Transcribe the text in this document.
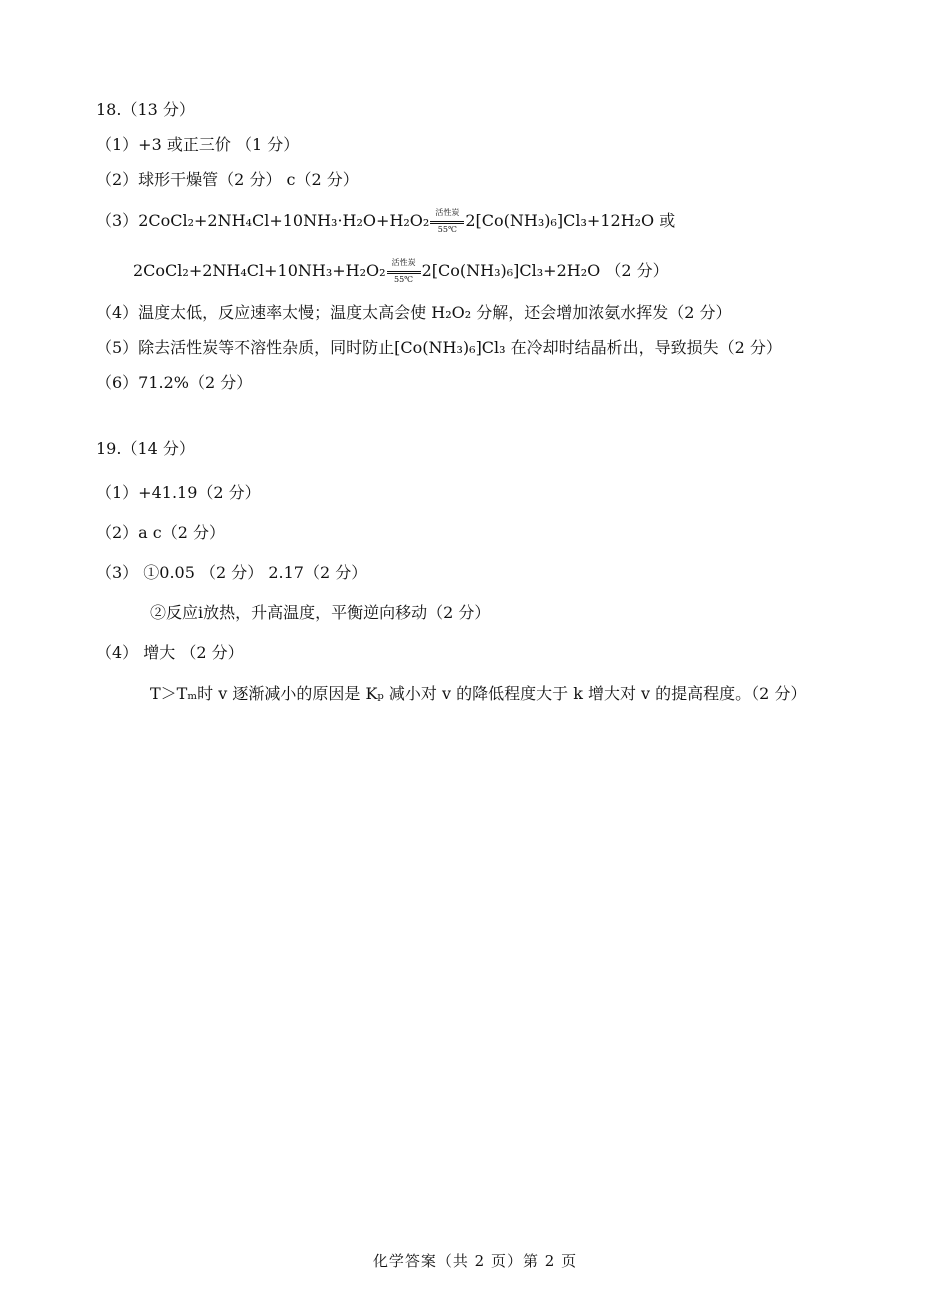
18.（13 分）
（1）+3 或正三价 （1 分）
（2）球形干燥管（2 分） c（2 分）
（3）2CoCl₂+2NH₄Cl+10NH₃·H₂O+H₂O₂ 活性炭
55℃ 2[Co(NH₃)₆]Cl₃+12H₂O 或
2CoCl₂+2NH₄Cl+10NH₃+H₂O₂ 活性炭
55℃ 2[Co(NH₃)₆]Cl₃+2H₂O （2 分）
（4）温度太低，反应速率太慢；温度太高会使 H₂O₂ 分解，还会增加浓氨水挥发（2 分）
（5）除去活性炭等不溶性杂质，同时防止[Co(NH₃)₆]Cl₃ 在冷却时结晶析出，导致损失（2 分）
（6）71.2%（2 分）
19.（14 分）
（1）+41.19（2 分）
（2）a c（2 分）
（3） ①0.05 （2 分） 2.17（2 分）
②反应i放热，升高温度，平衡逆向移动（2 分）
（4） 增大 （2 分）
T＞Tₘ时 v 逐渐减小的原因是 Kₚ 减小对 v 的降低程度大于 k 增大对 v 的提高程度。（2 分）
化学答案（共 2 页）第 2 页
